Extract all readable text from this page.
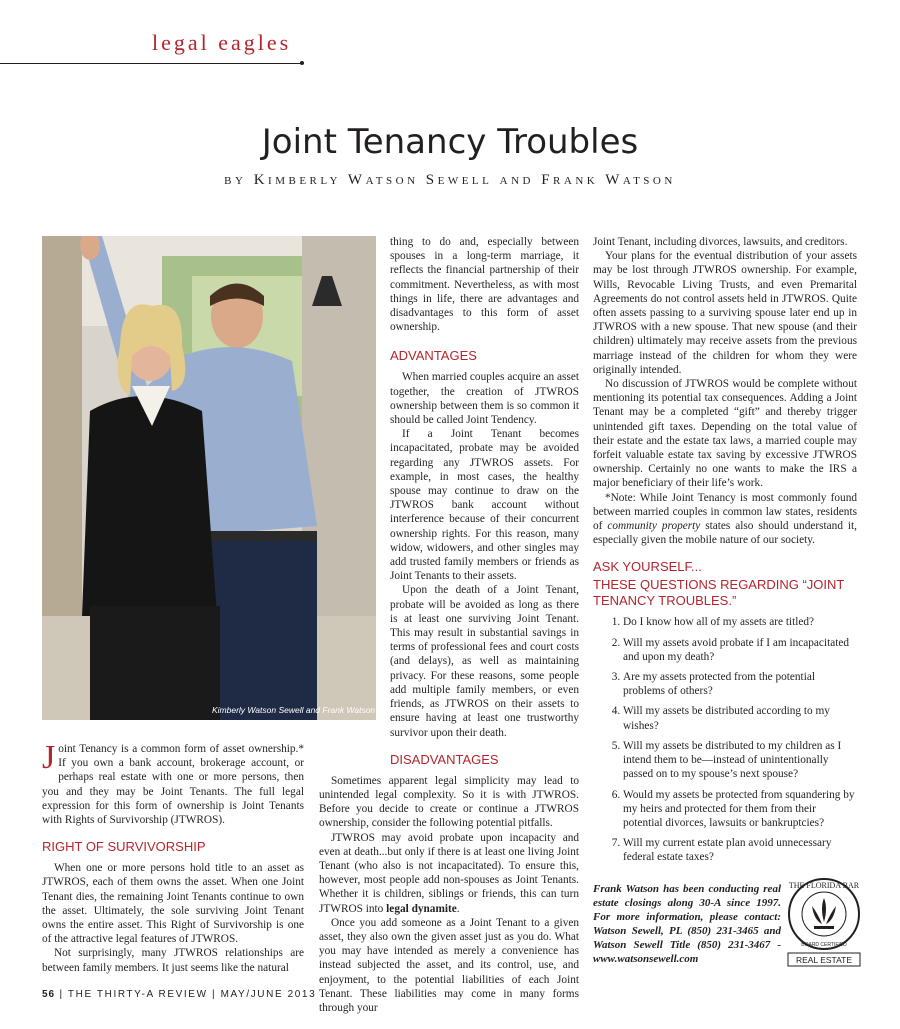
legal eagles
Joint Tenancy Troubles
by Kimberly Watson Sewell and Frank Watson
Kimberly Watson Sewell and Frank Watson

Joint Tenancy is a common form of asset ownership.* If you own a bank account, brokerage account, or perhaps real estate with one or more persons, then you and they may be Joint Tenants. The full legal expression for this form of ownership is Joint Tenants with Rights of Survivorship (JTWROS).

RIGHT OF SURVIVORSHIP

When one or more persons hold title to an asset as JTWROS, each of them owns the asset. When one Joint Tenant dies, the remaining Joint Tenants continue to own the asset. Ultimately, the sole surviving Joint Tenant owns the entire asset. This Right of Survivorship is one of the attractive legal features of JTWROS.

Not surprisingly, many JTWROS relationships are between family members. It just seems like the natural

thing to do and, especially between spouses in a long-term marriage, it reflects the financial partnership of their commitment. Nevertheless, as with most things in life, there are advantages and disadvantages to this form of asset ownership.

ADVANTAGES

When married couples acquire an asset together, the creation of JTWROS ownership between them is so common it should be called Joint Tendency.

If a Joint Tenant becomes incapacitated, probate may be avoided regarding any JTWROS assets. For example, in most cases, the healthy spouse may continue to draw on the JTWROS bank account without interference because of their concurrent ownership rights. For this reason, many widow, widowers, and other singles may add trusted family members or friends as Joint Tenants to their assets.

Upon the death of a Joint Tenant, probate will be avoided as long as there is at least one surviving Joint Tenant. This may result in substantial savings in terms of professional fees and court costs (and delays), as well as maintaining privacy. For these reasons, some people add multiple family members, or even friends, as JTWROS on their assets to ensure having at least one trustworthy survivor upon their death.

DISADVANTAGES

Sometimes apparent legal simplicity may lead to unintended legal complexity. So it is with JTWROS. Before you decide to create or continue a JTWROS ownership, consider the following potential pitfalls.

JTWROS may avoid probate upon incapacity and even at death...but only if there is at least one living Joint Tenant (who also is not incapacitated). To ensure this, however, most people add non-spouses as Joint Tenants. Whether it is children, siblings or friends, this can turn JTWROS into legal dynamite.

Once you add someone as a Joint Tenant to a given asset, they also own the given asset just as you do. What you may have intended as merely a convenience has instead subjected the asset, and its control, use, and enjoyment, to the potential liabilities of each Joint Tenant. These liabilities may come in many forms through your

Joint Tenant, including divorces, lawsuits, and creditors.

Your plans for the eventual distribution of your assets may be lost through JTWROS ownership. For example, Wills, Revocable Living Trusts, and even Premarital Agreements do not control assets held in JTWROS. Quite often assets passing to a surviving spouse later end up in JTWROS with a new spouse. That new spouse (and their children) ultimately may receive assets from the previous marriage instead of the children for whom they were originally intended.

No discussion of JTWROS would be complete without mentioning its potential tax consequences. Adding a Joint Tenant may be a completed “gift” and thereby trigger unintended gift taxes. Depending on the total value of their estate and the estate tax laws, a married couple may forfeit valuable estate tax saving by excessive JTWROS ownership. Certainly no one wants to make the IRS a major beneficiary of their life’s work.

*Note: While Joint Tenancy is most commonly found between married couples in common law states, residents of community property states also should understand it, especially given the mobile nature of our society.

ASK YOURSELF...
THESE QUESTIONS REGARDING “JOINT TENANCY TROUBLES.”
1. Do I know how all of my assets are titled?
2. Will my assets avoid probate if I am incapacitated and upon my death?
3. Are my assets protected from the potential problems of others?
4. Will my assets be distributed according to my wishes?
5. Will my assets be distributed to my children as I intend them to be—instead of unintentionally passed on to my spouse’s next spouse?
6. Would my assets be protected from squandering by my heirs and protected for them from their potential divorces, lawsuits or bankruptcies?
7. Will my current estate plan avoid unnecessary federal estate taxes?
Frank Watson has been conducting real estate closings along 30-A since 1997. For more information, please contact: Watson Sewell, PL (850) 231-3465 and Watson Sewell Title (850) 231-3467 - www.watsonsewell.com
THE FLORIDA BAR
BOARD CERTIFIED
REAL ESTATE
56 | THE THIRTY-A REVIEW | MAY/JUNE 2013
